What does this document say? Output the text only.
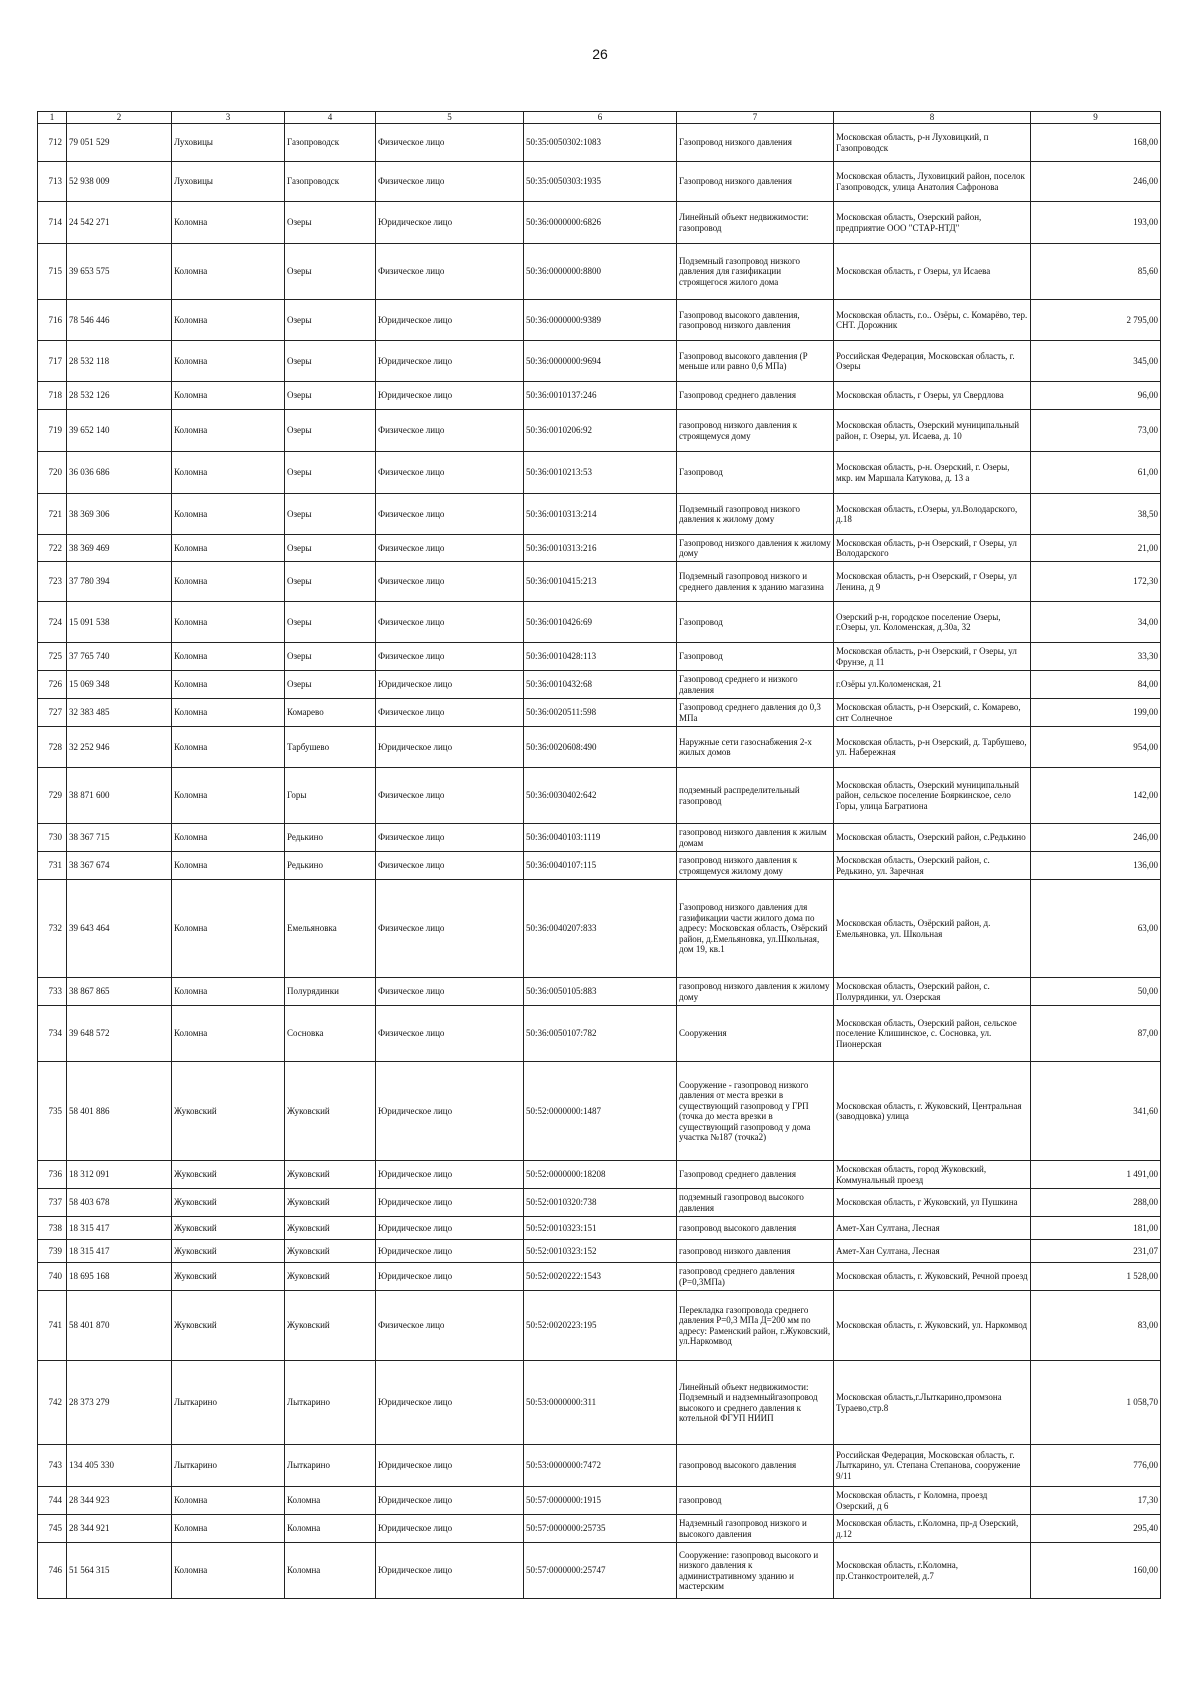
26
1	2	3	4	5	6	7	8	9
712	79 051 529	Луховицы	Газопроводск	Физическое лицо	50:35:0050302:1083	Газопровод низкого давления	Московская область, р-н Луховицкий, п Газопроводск	168,00
713	52 938 009	Луховицы	Газопроводск	Физическое лицо	50:35:0050303:1935	Газопровод низкого давления	Московская область, Луховицкий район, поселок Газопроводск, улица Анатолия Сафронова	246,00
714	24 542 271	Коломна	Озеры	Юридическое лицо	50:36:0000000:6826	Линейный объект недвижимости: газопровод	Московская область, Озерский район, предприятие ООО "СТАР-НТД"	193,00
715	39 653 575	Коломна	Озеры	Физическое лицо	50:36:0000000:8800	Подземный газопровод низкого давления для газификации строящегося жилого дома	Московская область, г Озеры, ул Исаева	85,60
716	78 546 446	Коломна	Озеры	Юридическое лицо	50:36:0000000:9389	Газопровод высокого давления, газопровод низкого давления	Московская область, г.о.. Озёры, с. Комарёво, тер. СНТ. Дорожник	2 795,00
717	28 532 118	Коломна	Озеры	Юридическое лицо	50:36:0000000:9694	Газопровод высокого давления (Р меньше или равно 0,6 МПа)	Российская Федерация, Московская область, г. Озеры	345,00
718	28 532 126	Коломна	Озеры	Юридическое лицо	50:36:0010137:246	Газопровод среднего давления	Московская область, г Озеры, ул Свердлова	96,00
719	39 652 140	Коломна	Озеры	Физическое лицо	50:36:0010206:92	газопровод низкого давления к строящемуся дому	Московская область, Озерский муниципальный район, г. Озеры, ул. Исаева, д. 10	73,00
720	36 036 686	Коломна	Озеры	Физическое лицо	50:36:0010213:53	Газопровод	Московская область, р-н. Озерский, г. Озеры, мкр. им Маршала Катукова, д. 13 а	61,00
721	38 369 306	Коломна	Озеры	Физическое лицо	50:36:0010313:214	Подземный газопровод низкого давления к жилому дому	Московская область, г.Озеры, ул.Володарского, д.18	38,50
722	38 369 469	Коломна	Озеры	Физическое лицо	50:36:0010313:216	Газопровод низкого давления к жилому дому	Московская область, р-н Озерский, г Озеры, ул Володарского	21,00
723	37 780 394	Коломна	Озеры	Физическое лицо	50:36:0010415:213	Подземный газопровод низкого и среднего давления к зданию магазина	Московская область, р-н Озерский, г Озеры, ул Ленина, д 9	172,30
724	15 091 538	Коломна	Озеры	Физическое лицо	50:36:0010426:69	Газопровод	Озерский р-н, городское поселение Озеры, г.Озеры, ул. Коломенская, д.30а, 32	34,00
725	37 765 740	Коломна	Озеры	Физическое лицо	50:36:0010428:113	Газопровод	Московская область, р-н Озерский, г Озеры, ул Фрунзе, д 11	33,30
726	15 069 348	Коломна	Озеры	Юридическое лицо	50:36:0010432:68	Газопровод среднего и низкого давления	г.Озёры ул.Коломенская, 21	84,00
727	32 383 485	Коломна	Комарево	Физическое лицо	50:36:0020511:598	Газопровод среднего давления до 0,3 МПа	Московская область, р-н Озерский, с. Комарево, снт Солнечное	199,00
728	32 252 946	Коломна	Тарбушево	Юридическое лицо	50:36:0020608:490	Наружные сети газоснабжения 2-х жилых домов	Московская область, р-н Озерский, д. Тарбушево, ул. Набережная	954,00
729	38 871 600	Коломна	Горы	Физическое лицо	50:36:0030402:642	подземный распределительный газопровод	Московская область, Озерский муниципальный район, сельское поселение Бояркинское, село Горы, улица Багратиона	142,00
730	38 367 715	Коломна	Редькино	Физическое лицо	50:36:0040103:1119	газопровод низкого давления к жилым домам	Московская область, Озерский район, с.Редькино	246,00
731	38 367 674	Коломна	Редькино	Физическое лицо	50:36:0040107:115	газопровод низкого давления к строящемуся жилому дому	Московская область, Озерский район, с. Редькино, ул. Заречная	136,00
732	39 643 464	Коломна	Емельяновка	Физическое лицо	50:36:0040207:833	Газопровод низкого давления для газификации части жилого дома по адресу: Московская область, Озёрский район, д.Емельяновка, ул.Школьная, дом 19, кв.1	Московская область, Озёрский район, д. Емельяновка, ул. Школьная	63,00
733	38 867 865	Коломна	Полурядинки	Физическое лицо	50:36:0050105:883	газопровод низкого давления к жилому дому	Московская область, Озерский район, с. Полурядинки, ул. Озерская	50,00
734	39 648 572	Коломна	Сосновка	Физическое лицо	50:36:0050107:782	Сооружения	Московская область, Озерский район, сельское поселение Клишинское, с. Сосновка, ул. Пионерская	87,00
735	58 401 886	Жуковский	Жуковский	Юридическое лицо	50:52:0000000:1487	Сооружение - газопровод низкого давления от места врезки в существующий газопровод у ГРП (точка до места врезки в существующий газопровод у дома участка №187 (точка2)	Московская область, г. Жуковский, Центральная (заводцовка) улица	341,60
736	18 312 091	Жуковский	Жуковский	Юридическое лицо	50:52:0000000:18208	Газопровод среднего давления	Московская область, город Жуковский, Коммунальный проезд	1 491,00
737	58 403 678	Жуковский	Жуковский	Юридическое лицо	50:52:0010320:738	подземный газопровод высокого давления	Московская область, г Жуковский, ул Пушкина	288,00
738	18 315 417	Жуковский	Жуковский	Юридическое лицо	50:52:0010323:151	газопровод высокого давления	Амет-Хан Султана, Лесная	181,00
739	18 315 417	Жуковский	Жуковский	Юридическое лицо	50:52:0010323:152	газопровод низкого давления	Амет-Хан Султана, Лесная	231,07
740	18 695 168	Жуковский	Жуковский	Юридическое лицо	50:52:0020222:1543	газопровод среднего давления (Р=0,3МПа)	Московская область, г. Жуковский, Речной проезд	1 528,00
741	58 401 870	Жуковский	Жуковский	Физическое лицо	50:52:0020223:195	Перекладка газопровода среднего давления Р=0,3 МПа Д=200 мм по адресу: Раменский район, г.Жуковский, ул.Наркомвод	Московская область, г. Жуковский, ул. Наркомвод	83,00
742	28 373 279	Лыткарино	Лыткарино	Юридическое лицо	50:53:0000000:311	Линейный объект недвижимости: Подземный и надземныйгазопровод высокого и среднего давления к котельной ФГУП НИИП	Московская область,г.Лыткарино,промзона Тураево,стр.8	1 058,70
743	134 405 330	Лыткарино	Лыткарино	Юридическое лицо	50:53:0000000:7472	газопровод высокого давления	Российская Федерация, Московская область, г. Лыткарино, ул. Степана Степанова, сооружение 9/11	776,00
744	28 344 923	Коломна	Коломна	Юридическое лицо	50:57:0000000:1915	газопровод	Московская область, г Коломна, проезд Озерский, д 6	17,30
745	28 344 921	Коломна	Коломна	Юридическое лицо	50:57:0000000:25735	Надземный газопровод низкого и высокого давления	Московская область, г.Коломна, пр-д Озерский, д.12	295,40
746	51 564 315	Коломна	Коломна	Юридическое лицо	50:57:0000000:25747	Сооружение: газопровод высокого и низкого давления к административному зданию и мастерским	Московская область, г.Коломна, пр.Станкостроителей, д.7	160,00
